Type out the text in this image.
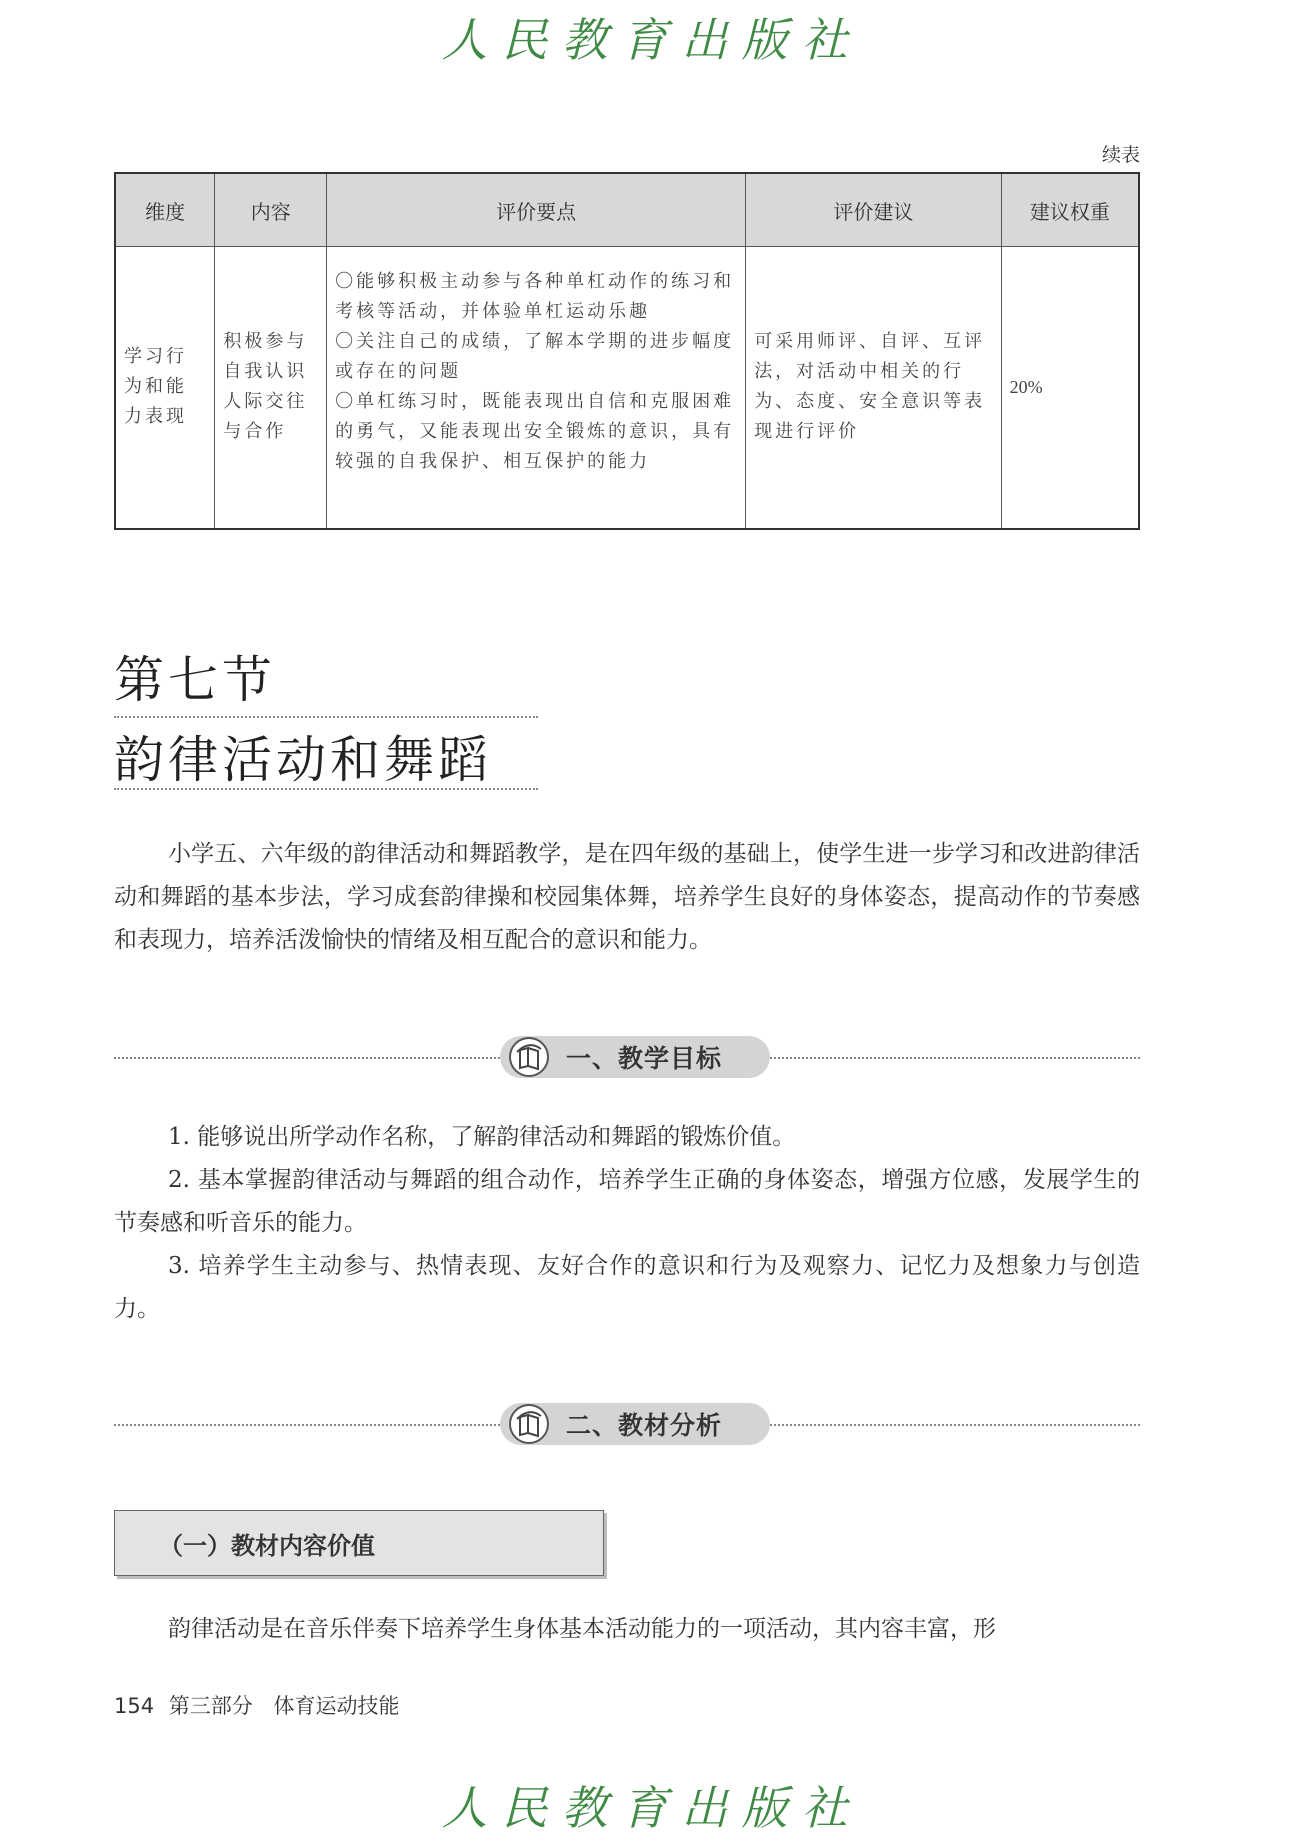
人民教育出版社
续表
维度	内容	评价要点	评价建议	建议权重
学习行为和能力表现	积极参与自我认识人际交往与合作	〇能够积极主动参与各种单杠动作的练习和考核等活动，并体验单杠运动乐趣
〇关注自己的成绩，了解本学期的进步幅度或存在的问题
〇单杠练习时，既能表现出自信和克服困难的勇气，又能表现出安全锻炼的意识，具有较强的自我保护、相互保护的能力	可采用师评、自评、互评法，对活动中相关的行为、态度、安全意识等表现进行评价	20%
第七节
韵律活动和舞蹈

小学五、六年级的韵律活动和舞蹈教学，是在四年级的基础上，使学生进一步学习和改进韵律活动和舞蹈的基本步法，学习成套韵律操和校园集体舞，培养学生良好的身体姿态，提高动作的节奏感和表现力，培养活泼愉快的情绪及相互配合的意识和能力。

一、教学目标

1. 能够说出所学动作名称，了解韵律活动和舞蹈的锻炼价值。

2. 基本掌握韵律活动与舞蹈的组合动作，培养学生正确的身体姿态，增强方位感，发展学生的节奏感和听音乐的能力。

3. 培养学生主动参与、热情表现、友好合作的意识和行为及观察力、记忆力及想象力与创造力。

二、教材分析
（一）教材内容价值

韵律活动是在音乐伴奏下培养学生身体基本活动能力的一项活动，其内容丰富，形

154 第三部分 体育运动技能
人民教育出版社
